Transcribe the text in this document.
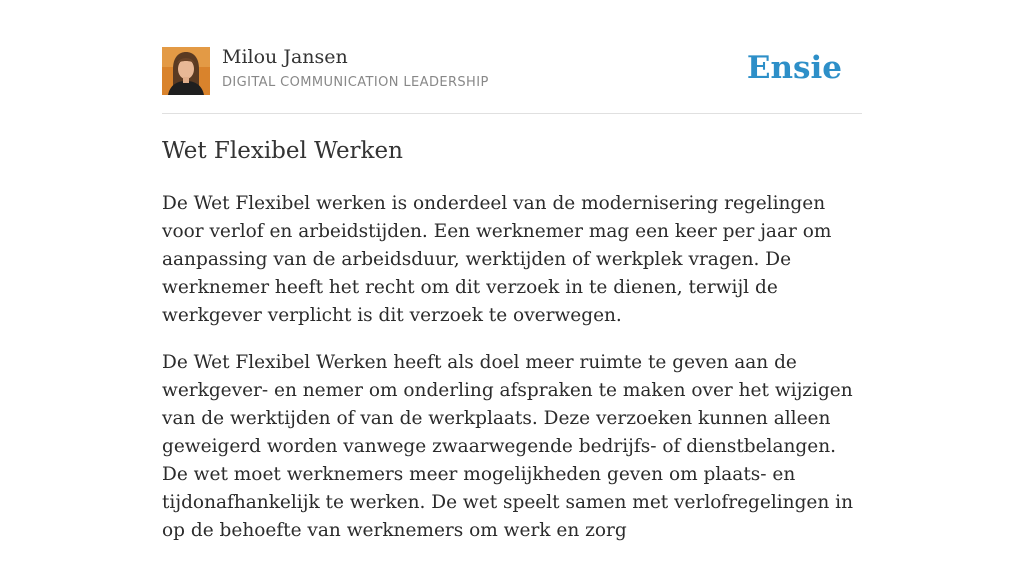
Milou Jansen
DIGITAL COMMUNICATION LEADERSHIP	Ensie
Wet Flexibel Werken

De Wet Flexibel werken is onderdeel van de modernisering regelingen voor verlof en arbeidstijden. Een werknemer mag een keer per jaar om aanpassing van de arbeidsduur, werktijden of werkplek vragen. De werknemer heeft het recht om dit verzoek in te dienen, terwijl de werkgever verplicht is dit verzoek te overwegen.

De Wet Flexibel Werken heeft als doel meer ruimte te geven aan de werkgever- en nemer om onderling afspraken te maken over het wijzigen van de werktijden of van de werkplaats. Deze verzoeken kunnen alleen geweigerd worden vanwege zwaarwegende bedrijfs- of dienstbelangen. De wet moet werknemers meer mogelijkheden geven om plaats- en tijdonafhankelijk te werken. De wet speelt samen met verlofregelingen in op de behoefte van werknemers om werk en zorg
